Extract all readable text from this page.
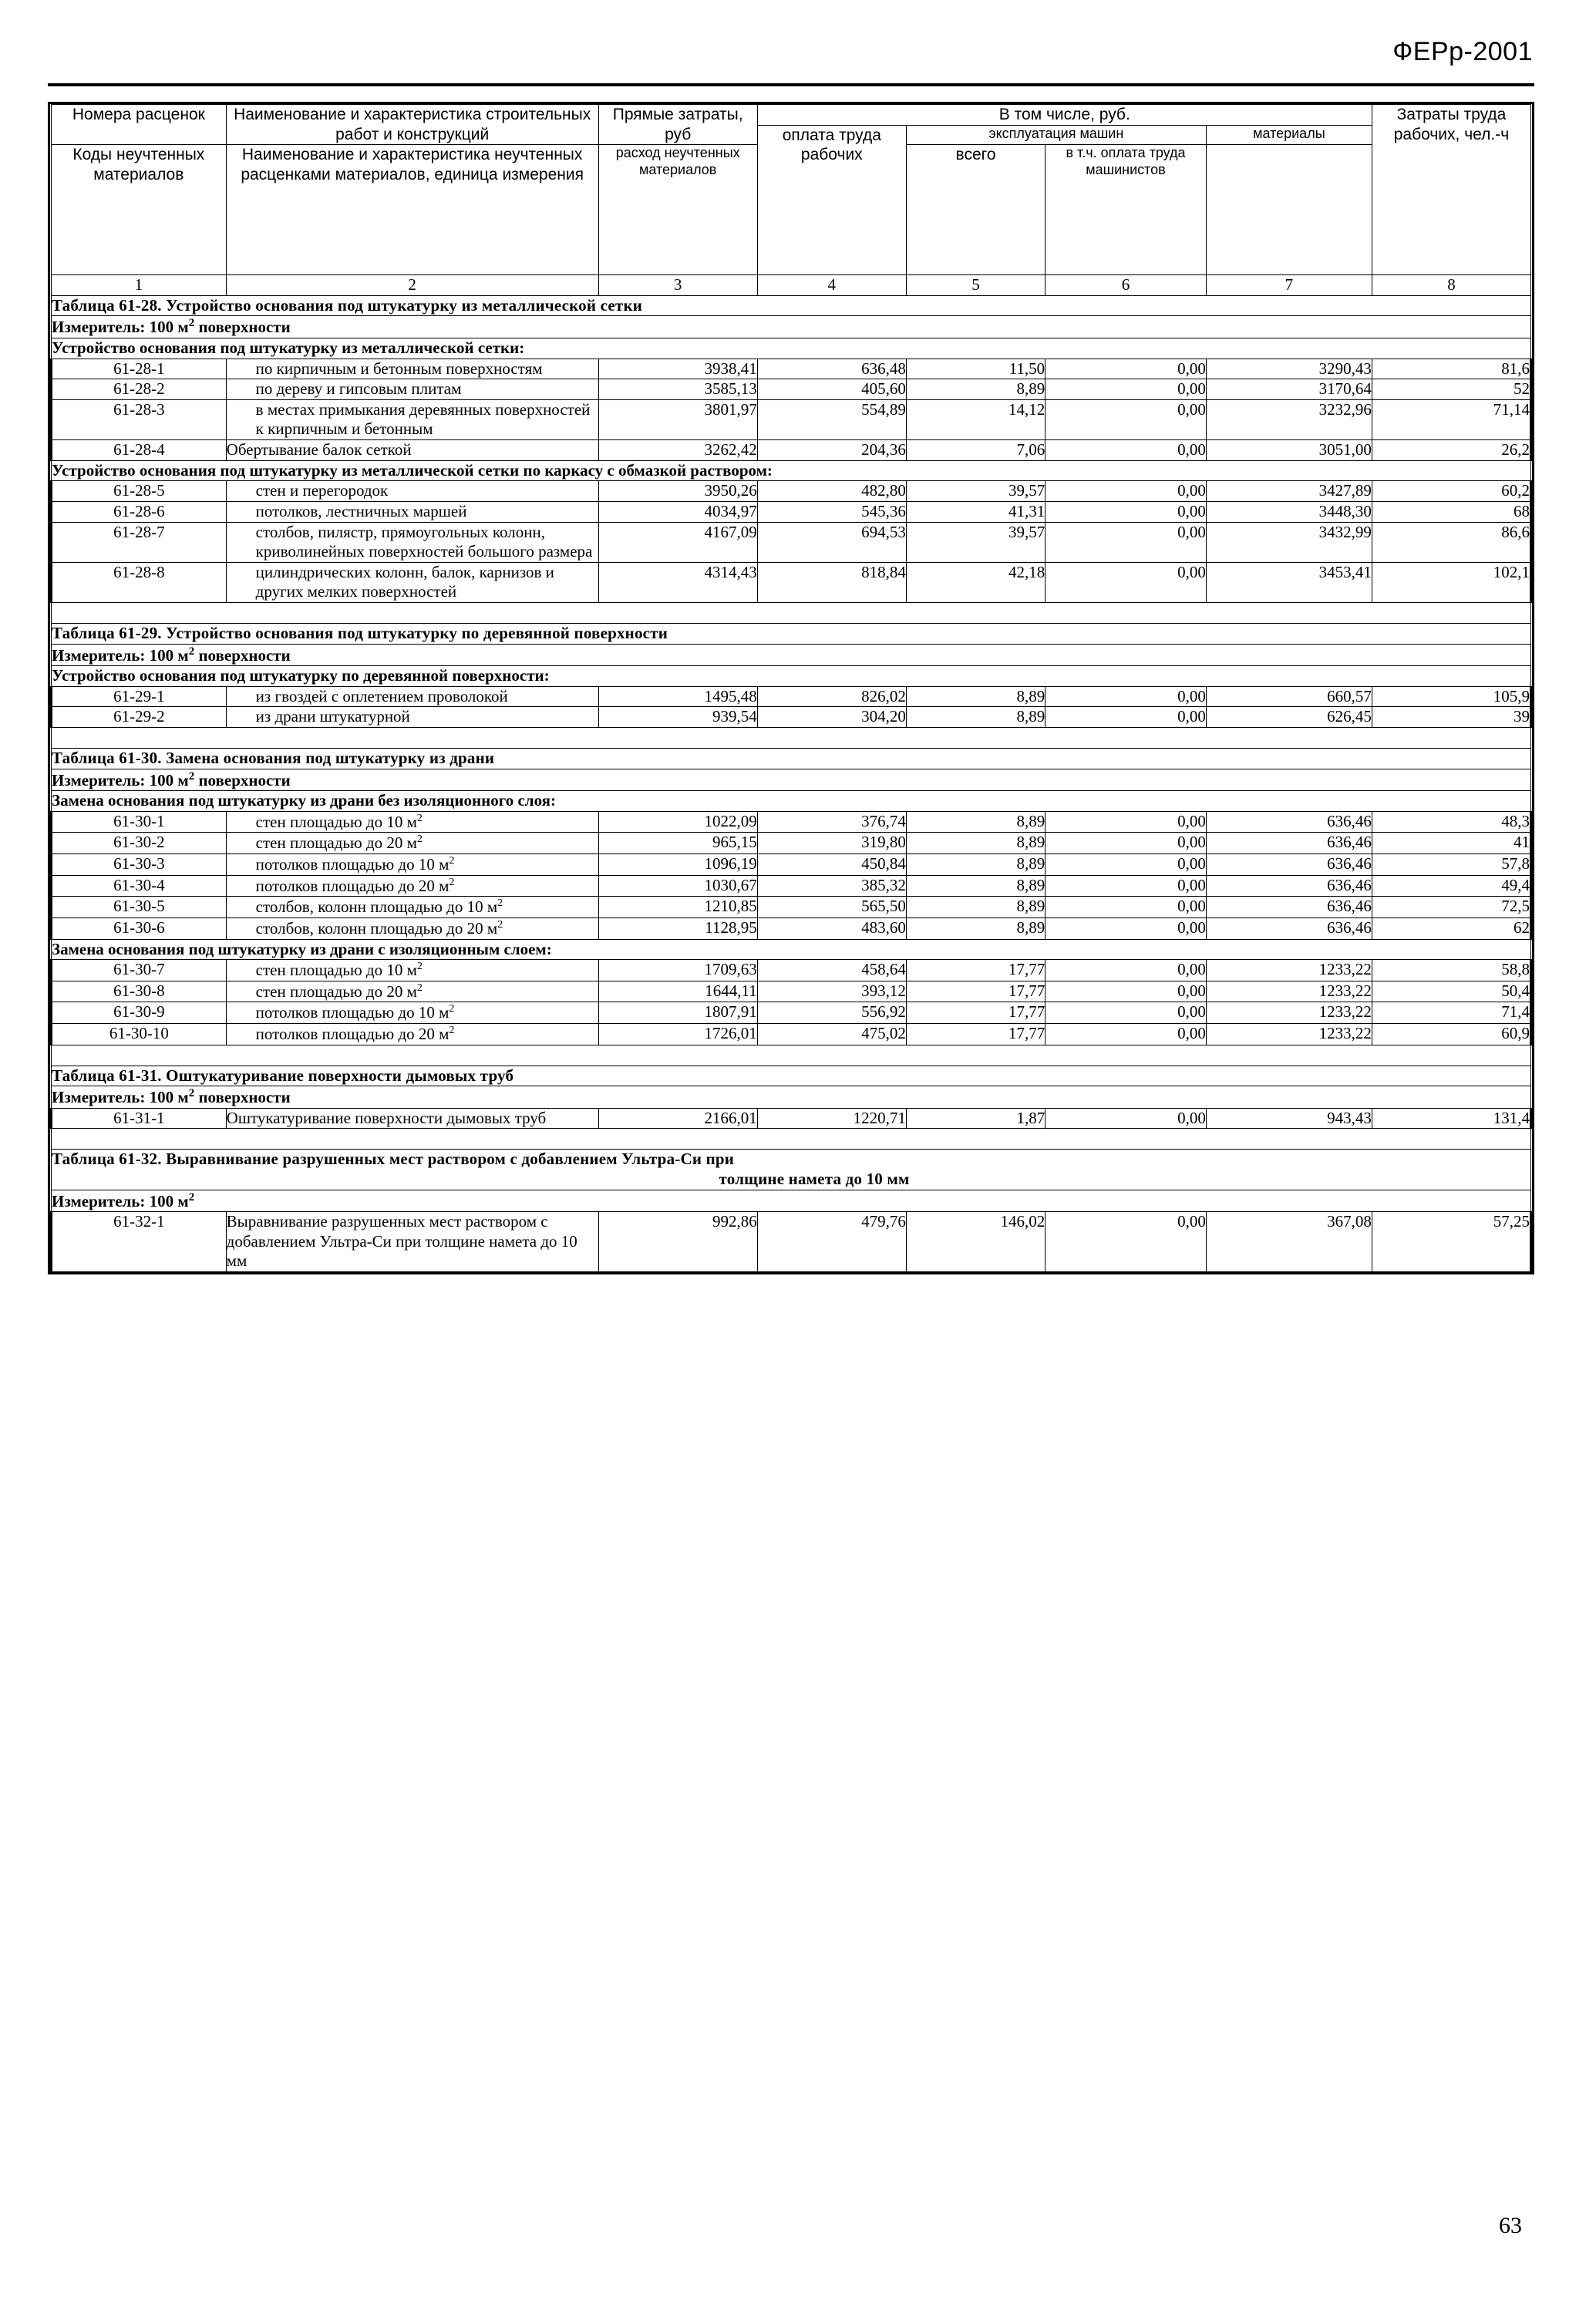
ФЕРр-2001
Номера расценок	Наименование и характеристика строительных работ и конструкций	Прямые затраты, руб	В том числе, руб.				Затраты труда рабочих, чел.-ч
			оплата труда рабочих	эксплуатация машин		материалы	
Коды неучтенных материалов	Наименование и характеристика неучтенных расценками материалов, единица измерения			всего	в т.ч. оплата труда машинистов		
		расход неучтенных материалов					
1	2	3	4	5	6	7	8
Таблица 61-28. Устройство основания под штукатурку из металлической сетки							
Измеритель: 100 $м^2$ поверхности							
Устройство основания под штукатурку из металлической сетки:							
61-28-1	по кирпичным и бетонным поверхностям	3938,41	636,48	11,50	0,00	3290,43	81,6
61-28-2	по дереву и гипсовым плитам	3585,13	405,60	8,89	0,00	3170,64	52
61-28-3	в местах примыкания деревянных поверхностей к кирпичным и бетонным	3801,97	554,89	14,12	0,00	3232,96	71,14
61-28-4	Обертывание балок сеткой	3262,42	204,36	7,06	0,00	3051,00	26,2
Устройство основания под штукатурку из металлической сетки по каркасу с обмазкой раствором:							
61-28-5	стен и перегородок	3950,26	482,80	39,57	0,00	3427,89	60,2
61-28-6	потолков, лестничных маршей	4034,97	545,36	41,31	0,00	3448,30	68
61-28-7	столбов, пилястр, прямоугольных колонн, криволинейных поверхностей большого размера	4167,09	694,53	39,57	0,00	3432,99	86,6
61-28-8	цилиндрических колонн, балок, карнизов и других мелких поверхностей	4314,43	818,84	42,18	0,00	3453,41	102,1

Таблица 61-29. Устройство основания под штукатурку по деревянной поверхности							
Измеритель: 100 $м^2$ поверхности							
Устройство основания под штукатурку по деревянной поверхности:							
61-29-1	из гвоздей с оплетением проволокой	1495,48	826,02	8,89	0,00	660,57	105,9
61-29-2	из драни штукатурной	939,54	304,20	8,89	0,00	626,45	39

Таблица 61-30. Замена основания под штукатурку из драни							
Измеритель: 100 $м^2$ поверхности							
Замена основания под штукатурку из драни без изоляционного слоя:							
61-30-1	стен площадью до 10 $м^2$	1022,09	376,74	8,89	0,00	636,46	48,3
61-30-2	стен площадью до 20 $м^2$	965,15	319,80	8,89	0,00	636,46	41
61-30-3	потолков площадью до 10 $м^2$	1096,19	450,84	8,89	0,00	636,46	57,8
61-30-4	потолков площадью до 20 $м^2$	1030,67	385,32	8,89	0,00	636,46	49,4
61-30-5	столбов, колонн площадью до 10 $м^2$	1210,85	565,50	8,89	0,00	636,46	72,5
61-30-6	столбов, колонн площадью до 20 $м^2$	1128,95	483,60	8,89	0,00	636,46	62
Замена основания под штукатурку из драни с изоляционным слоем:							
61-30-7	стен площадью до 10 $м^2$	1709,63	458,64	17,77	0,00	1233,22	58,8
61-30-8	стен площадью до 20 $м^2$	1644,11	393,12	17,77	0,00	1233,22	50,4
61-30-9	потолков площадью до 10 $м^2$	1807,91	556,92	17,77	0,00	1233,22	71,4
61-30-10	потолков площадью до 20 $м^2$	1726,01	475,02	17,77	0,00	1233,22	60,9

Таблица 61-31. Оштукатуривание поверхности дымовых труб							
Измеритель: 100 $м^2$ поверхности							
61-31-1	Оштукатуривание поверхности дымовых труб	2166,01	1220,71	1,87	0,00	943,43	131,4

Таблица 61-32. Выравнивание разрушенных мест раствором с добавлением Ультра-Си при
толщине намета до 10 мм							

Измеритель: 100 $м^2$
61-32-1	Выравнивание разрушенных мест раствором с добавлением Ультра-Си при толщине намета до 10 мм	992,86	479,76	146,02	0,00	367,08	57,25
63
